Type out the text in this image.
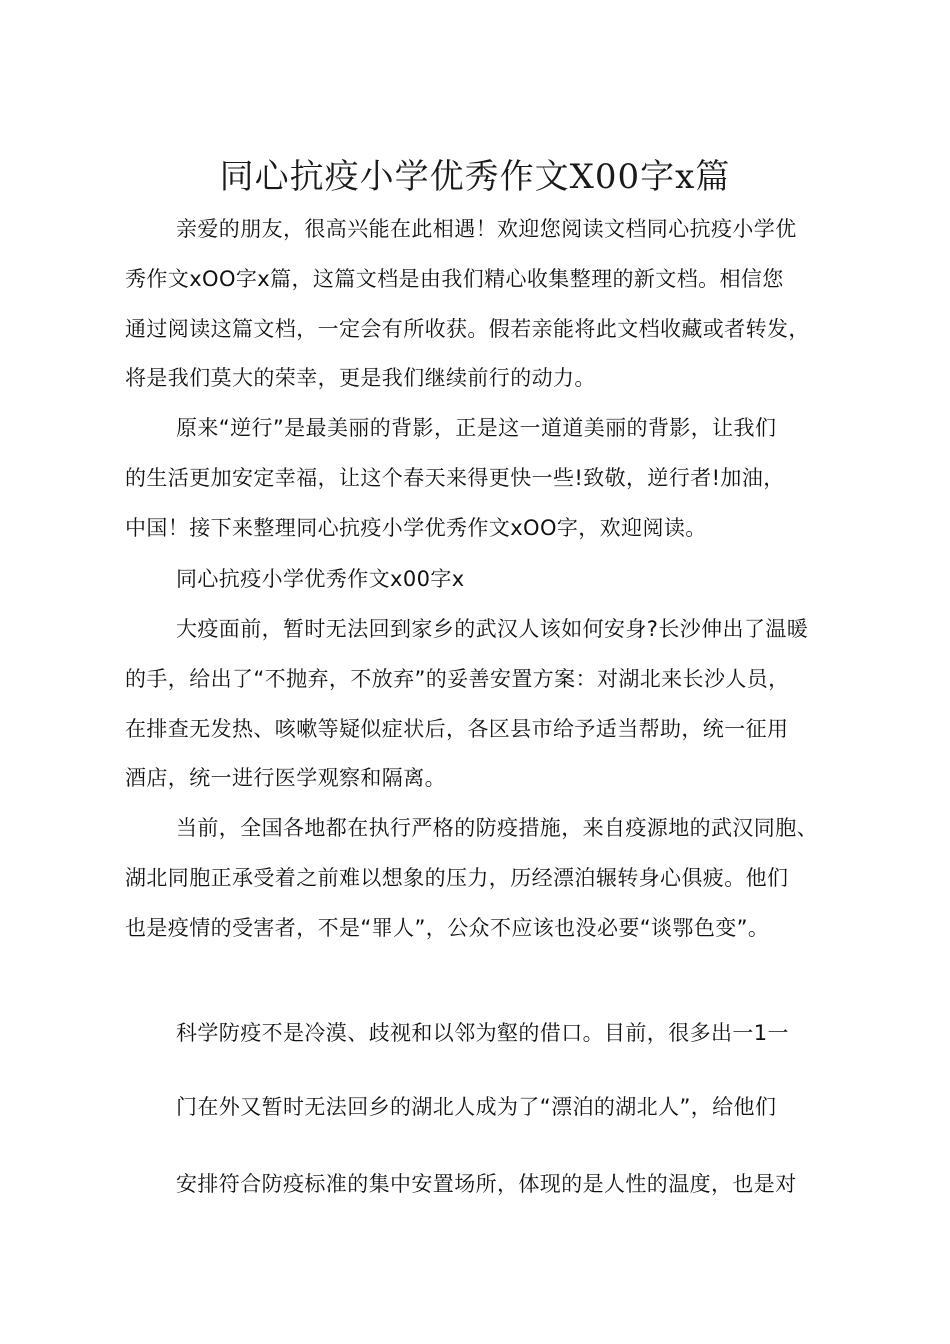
同心抗疫小学优秀作文X00字x篇
亲爱的朋友，很高兴能在此相遇！欢迎您阅读文档同心抗疫小学优
秀作文xOO字x篇，这篇文档是由我们精心收集整理的新文档。相信您
通过阅读这篇文档，一定会有所收获。假若亲能将此文档收藏或者转发，
将是我们莫大的荣幸，更是我们继续前行的动力。
原来“逆行”是最美丽的背影，正是这一道道美丽的背影，让我们
的生活更加安定幸福，让这个春天来得更快一些!致敬，逆行者!加油，
中国！接下来整理同心抗疫小学优秀作文xOO字，欢迎阅读。
同心抗疫小学优秀作文x00字x
大疫面前，暂时无法回到家乡的武汉人该如何安身?长沙伸出了温暖
的手，给出了“不抛弃，不放弃”的妥善安置方案：对湖北来长沙人员，
在排查无发热、咳嗽等疑似症状后，各区县市给予适当帮助，统一征用
酒店，统一进行医学观察和隔离。
当前，全国各地都在执行严格的防疫措施，来自疫源地的武汉同胞、
湖北同胞正承受着之前难以想象的压力，历经漂泊辗转身心俱疲。他们
也是疫情的受害者，不是“罪人”，公众不应该也没必要“谈鄂色变”。
科学防疫不是冷漠、歧视和以邻为壑的借口。目前，很多出一1一
门在外又暂时无法回乡的湖北人成为了“漂泊的湖北人”，给他们
安排符合防疫标准的集中安置场所，体现的是人性的温度，也是对
